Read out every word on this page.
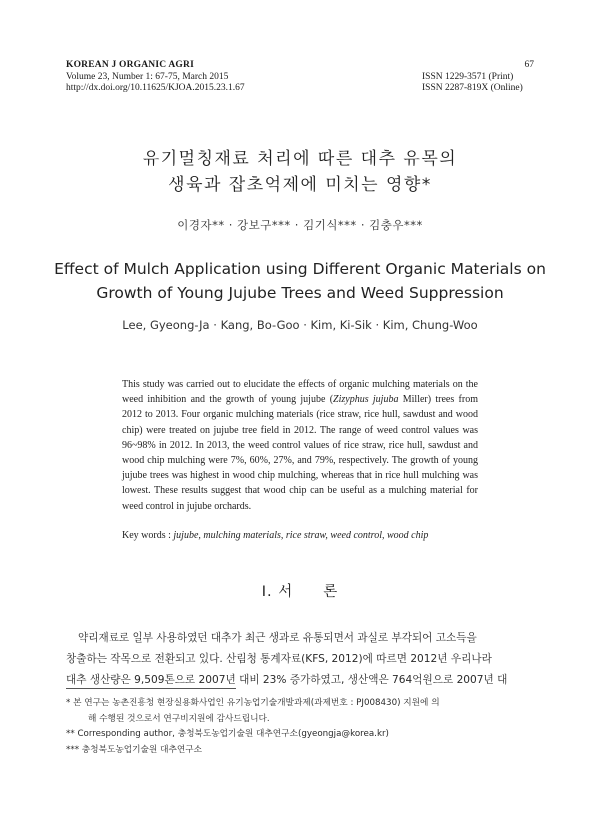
KOREAN J ORGANIC AGRI
Volume 23, Number 1: 67-75, March 2015
http://dx.doi.org/10.11625/KJOA.2015.23.1.67
67
ISSN 1229-3571 (Print)
ISSN 2287-819X (Online)
유기멀칭재료 처리에 따른 대추 유목의
생육과 잡초억제에 미치는 영향*
이경자** · 강보구*** · 김기식*** · 김충우***
Effect of Mulch Application using Different Organic Materials on
Growth of Young Jujube Trees and Weed Suppression
Lee, Gyeong-Ja · Kang, Bo-Goo · Kim, Ki-Sik · Kim, Chung-Woo
This study was carried out to elucidate the effects of organic mulching materials on the weed inhibition and the growth of young jujube (Zizyphus jujuba Miller) trees from 2012 to 2013. Four organic mulching materials (rice straw, rice hull, sawdust and wood chip) were treated on jujube tree field in 2012. The range of weed control values was 96~98% in 2012. In 2013, the weed control values of rice straw, rice hull, sawdust and wood chip mulching were 7%, 60%, 27%, and 79%, respectively. The growth of young jujube trees was highest in wood chip mulching, whereas that in rice hull mulching was lowest. These results suggest that wood chip can be useful as a mulching material for weed control in jujube orchards.
Key words : jujube, mulching materials, rice straw, weed control, wood chip
Ⅰ. 서 론
약리재료로 일부 사용하였던 대추가 최근 생과로 유통되면서 과실로 부각되어 고소득을
창출하는 작목으로 전환되고 있다. 산림청 통계자료(KFS, 2012)에 따르면 2012년 우리나라
대추 생산량은 9,509톤으로 2007년 대비 23% 증가하였고, 생산액은 764억원으로 2007년 대
* 본 연구는 농촌진흥청 현장실용화사업인 유기농업기술개발과제(과제번호 : PJ008430) 지원에 의
해 수행된 것으로서 연구비지원에 감사드립니다.
** Corresponding author, 충청북도농업기술원 대추연구소(gyeongja@korea.kr)
*** 충청북도농업기술원 대추연구소
